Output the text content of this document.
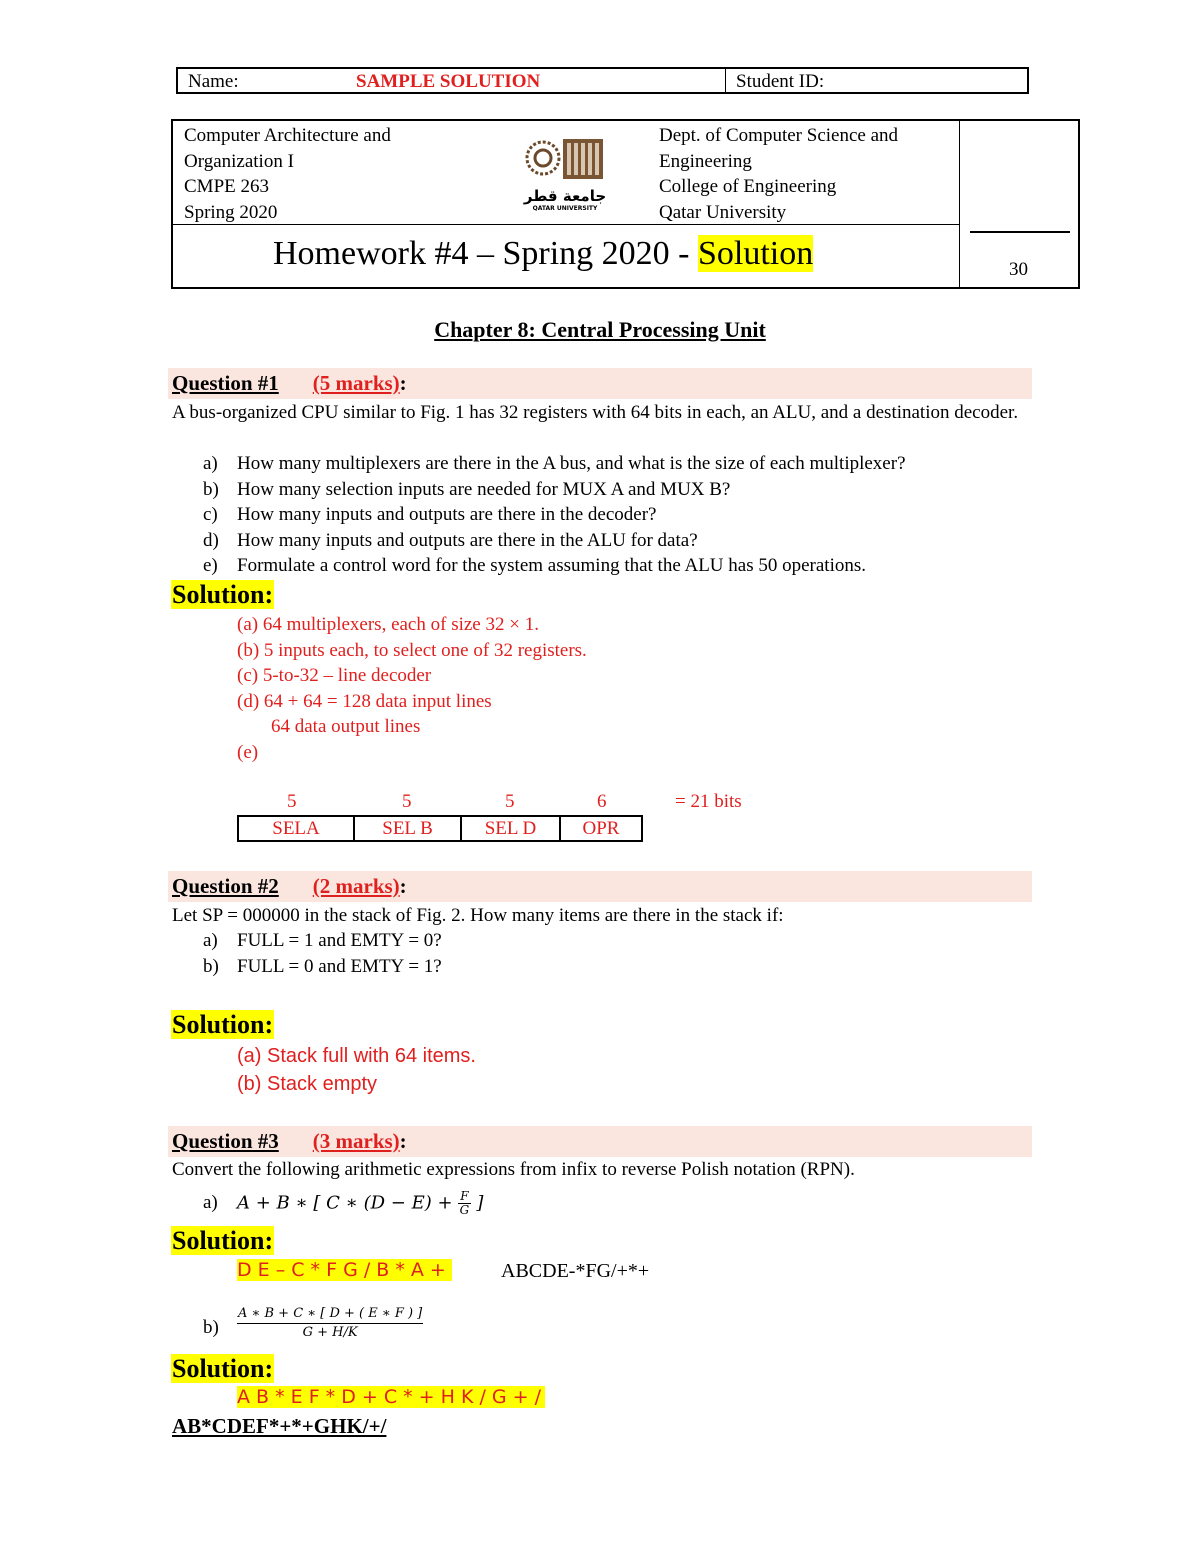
Name:	SAMPLE SOLUTION	Student ID:
Computer Architecture and
Organization I
CMPE 263
Spring 2020
جامعة قطر
QATAR UNIVERSITY
Dept. of Computer Science and
Engineering
College of Engineering
Qatar University
Homework #4 – Spring 2020 - Solution	30
Chapter 8: Central Processing Unit
Question #1 (5 marks):
A bus-organized CPU similar to Fig. 1 has 32 registers with 64 bits in each, an ALU, and a destination decoder.
a) How many multiplexers are there in the A bus, and what is the size of each multiplexer?
b) How many selection inputs are needed for MUX A and MUX B?
c) How many inputs and outputs are there in the decoder?
d) How many inputs and outputs are there in the ALU for data?
e) Formulate a control word for the system assuming that the ALU has 50 operations.
Solution:
(a) 64 multiplexers, each of size 32 × 1.
(b) 5 inputs each, to select one of 32 registers.
(c) 5-to-32 – line decoder
(d) 64 + 64 = 128 data input lines
64 data output lines
(e)
5	5	5	6	= 21 bits
SELA	SEL B	SEL D	OPR
Question #2 (2 marks):
Let SP = 000000 in the stack of Fig. 2. How many items are there in the stack if:
a) FULL = 1 and EMTY = 0?
b) FULL = 0 and EMTY = 1?
Solution:
(a) Stack full with 64 items.
(b) Stack empty
Question #3 (3 marks):
Convert the following arithmetic expressions from infix to reverse Polish notation (RPN).
a) A + B ∗ [ C ∗ $(D - E) + \frac{F}{G}$ ]
Solution:
D E – C * F G / B * A +	ABCDE-*FG/+*+
b)
A ∗ B + C ∗ [ D + ( E ∗ F ) ]
G + H/K
Solution:
A B * E F * D + C * + H K / G + /
AB*CDEF*+*+GHK/+/
